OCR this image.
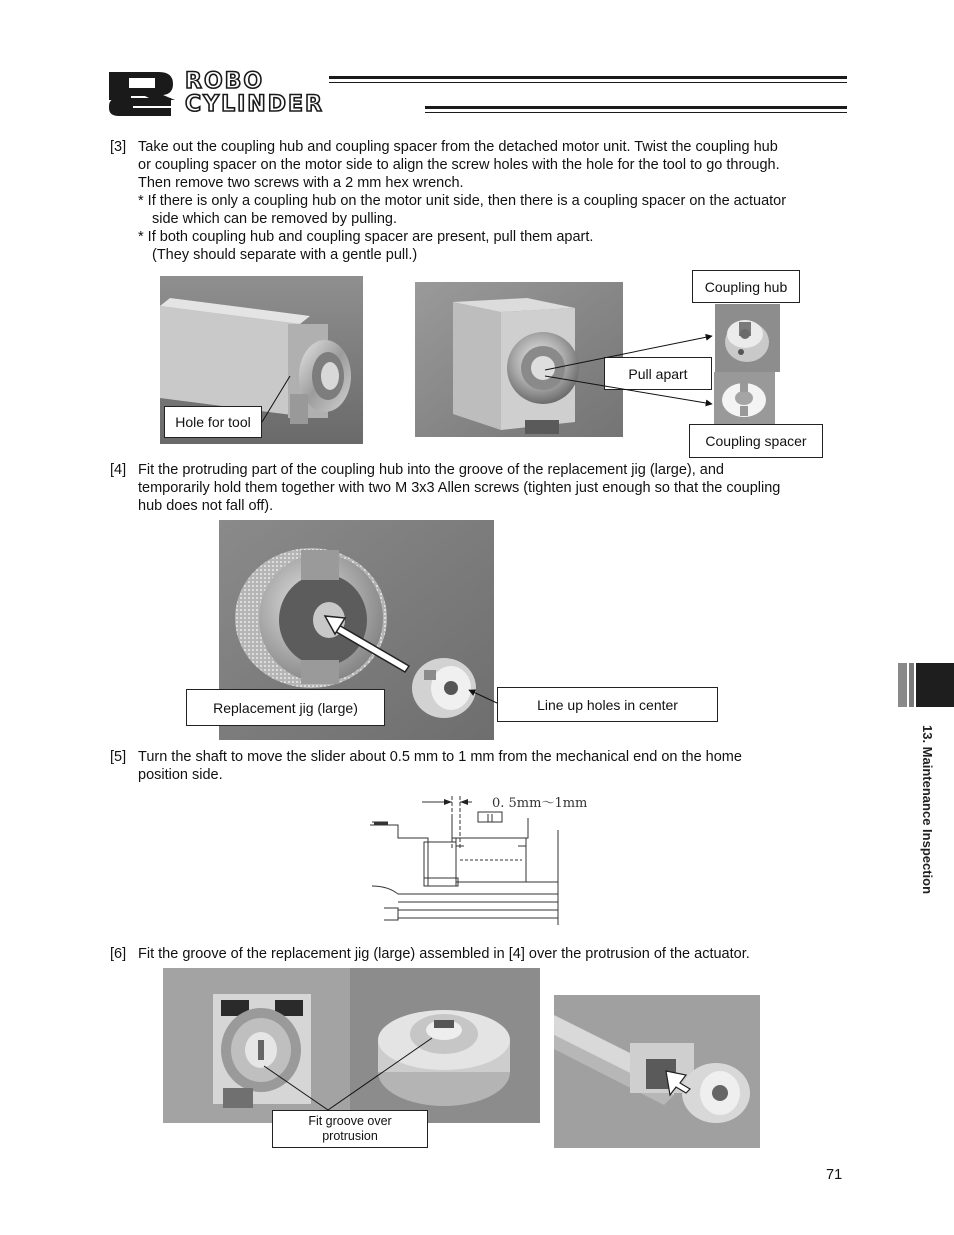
ROBO
CYLINDER
[3] Take out the coupling hub and coupling spacer from the detached motor unit. Twist the coupling hub
or coupling spacer on the motor side to align the screw holes with the hole for the tool to go through.
Then remove two screws with a 2 mm hex wrench.
* If there is only a coupling hub on the motor unit side, then there is a coupling spacer on the actuator
side which can be removed by pulling.
* If both coupling hub and coupling spacer are present, pull them apart.
(They should separate with a gentle pull.)
Hole for tool
Coupling hub
Pull apart
Coupling spacer
[4] Fit the protruding part of the coupling hub into the groove of the replacement jig (large), and
temporarily hold them together with two M 3x3 Allen screws (tighten just enough so that the coupling
hub does not fall off).
Replacement jig (large)	Line up holes in center
[5] Turn the shaft to move the slider about 0.5 mm to 1 mm from the mechanical end on the home
position side.
0. 5mm～1mm
[6] Fit the groove of the replacement jig (large) assembled in [4] over the protrusion of the actuator.
Fit groove over
protrusion
13. Maintenance Inspection
71
